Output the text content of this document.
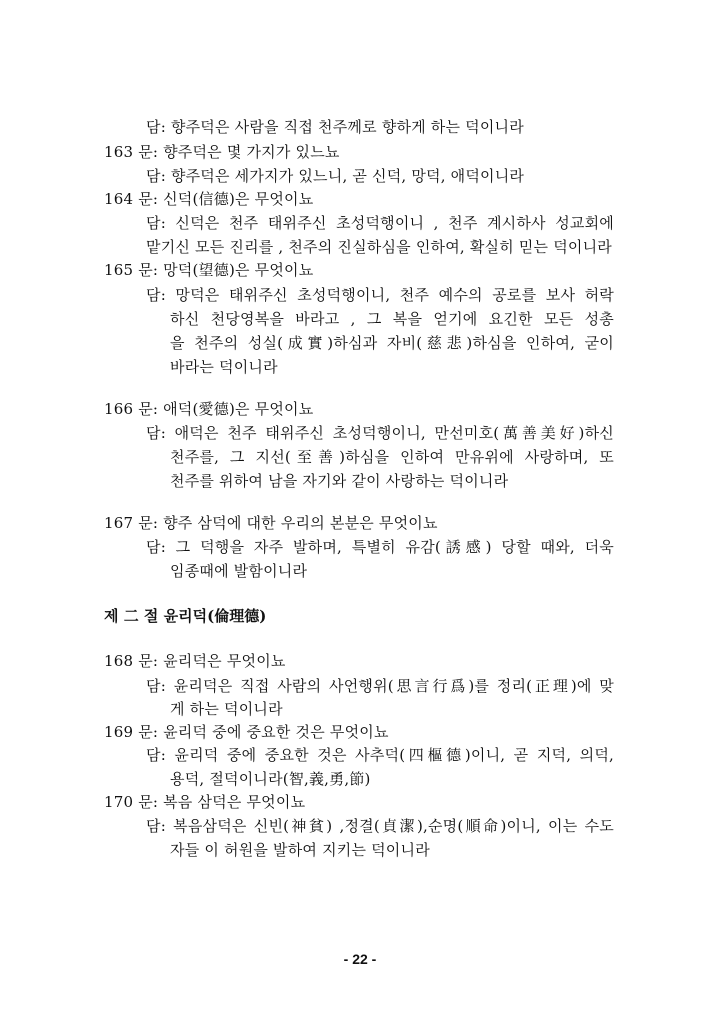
담: 향주덕은 사람을 직접 천주께로 향하게 하는 덕이니라
163 문: 향주덕은 몇 가지가 있느뇨
담: 향주덕은 세가지가 있느니, 곧 신덕, 망덕, 애덕이니라
164 문: 신덕(信德)은 무엇이뇨
담: 신덕은 천주 태위주신 초성덕행이니 , 천주 계시하사 성교회에
맡기신 모든 진리를 , 천주의 진실하심을 인하여, 확실히 믿는 덕이니라
165 문: 망덕(望德)은 무엇이뇨
담: 망덕은 태위주신 초성덕행이니, 천주 예수의 공로를 보사 허락
하신 천당영복을 바라고 , 그 복을 얻기에 요긴한 모든 성총
을 천주의 성실(成實)하심과 자비(慈悲)하심을 인하여, 굳이
바라는 덕이니라
166 문: 애덕(愛德)은 무엇이뇨
담: 애덕은 천주 태위주신 초성덕행이니, 만선미호(萬善美好)하신
천주를, 그 지선(至善)하심을 인하여 만유위에 사랑하며, 또
천주를 위하여 남을 자기와 같이 사랑하는 덕이니라
167 문: 향주 삼덕에 대한 우리의 본분은 무엇이뇨
담: 그 덕행을 자주 발하며, 특별히 유감(誘感) 당할 때와, 더욱
임종때에 발함이니라
제 二 절 윤리덕(倫理德)
168 문: 윤리덕은 무엇이뇨
담: 윤리덕은 직접 사람의 사언행위(思言行爲)를 정리(正理)에 맞
게 하는 덕이니라
169 문: 윤리덕 중에 중요한 것은 무엇이뇨
담: 윤리덕 중에 중요한 것은 사추덕(四樞德)이니, 곧 지덕, 의덕,
용덕, 절덕이니라(智,義,勇,節)
170 문: 복음 삼덕은 무엇이뇨
담: 복음삼덕은 신빈(神貧) ,정결(貞潔),순명(順命)이니, 이는 수도
자들 이 허원을 발하여 지키는 덕이니라
- 22 -
